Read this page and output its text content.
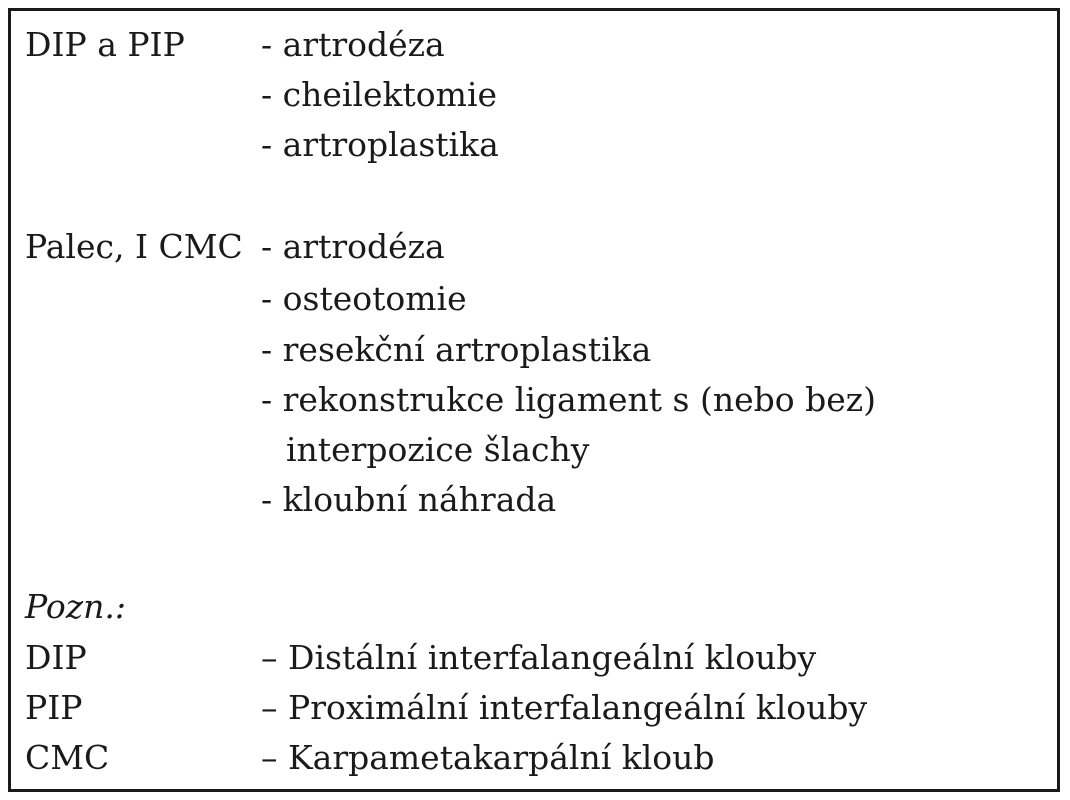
DIP a PIP - artrodéza
- cheilektomie
- artroplastika
Palec, I CMC - artrodéza
- osteotomie
- resekční artroplastika
- rekonstrukce ligament s (nebo bez)
interpozice šlachy
- kloubní náhrada
Pozn.:
DIP	– Distální interfalangeální klouby
PIP	– Proximální interfalangeální klouby
CMC	– Karpametakarpální kloub
